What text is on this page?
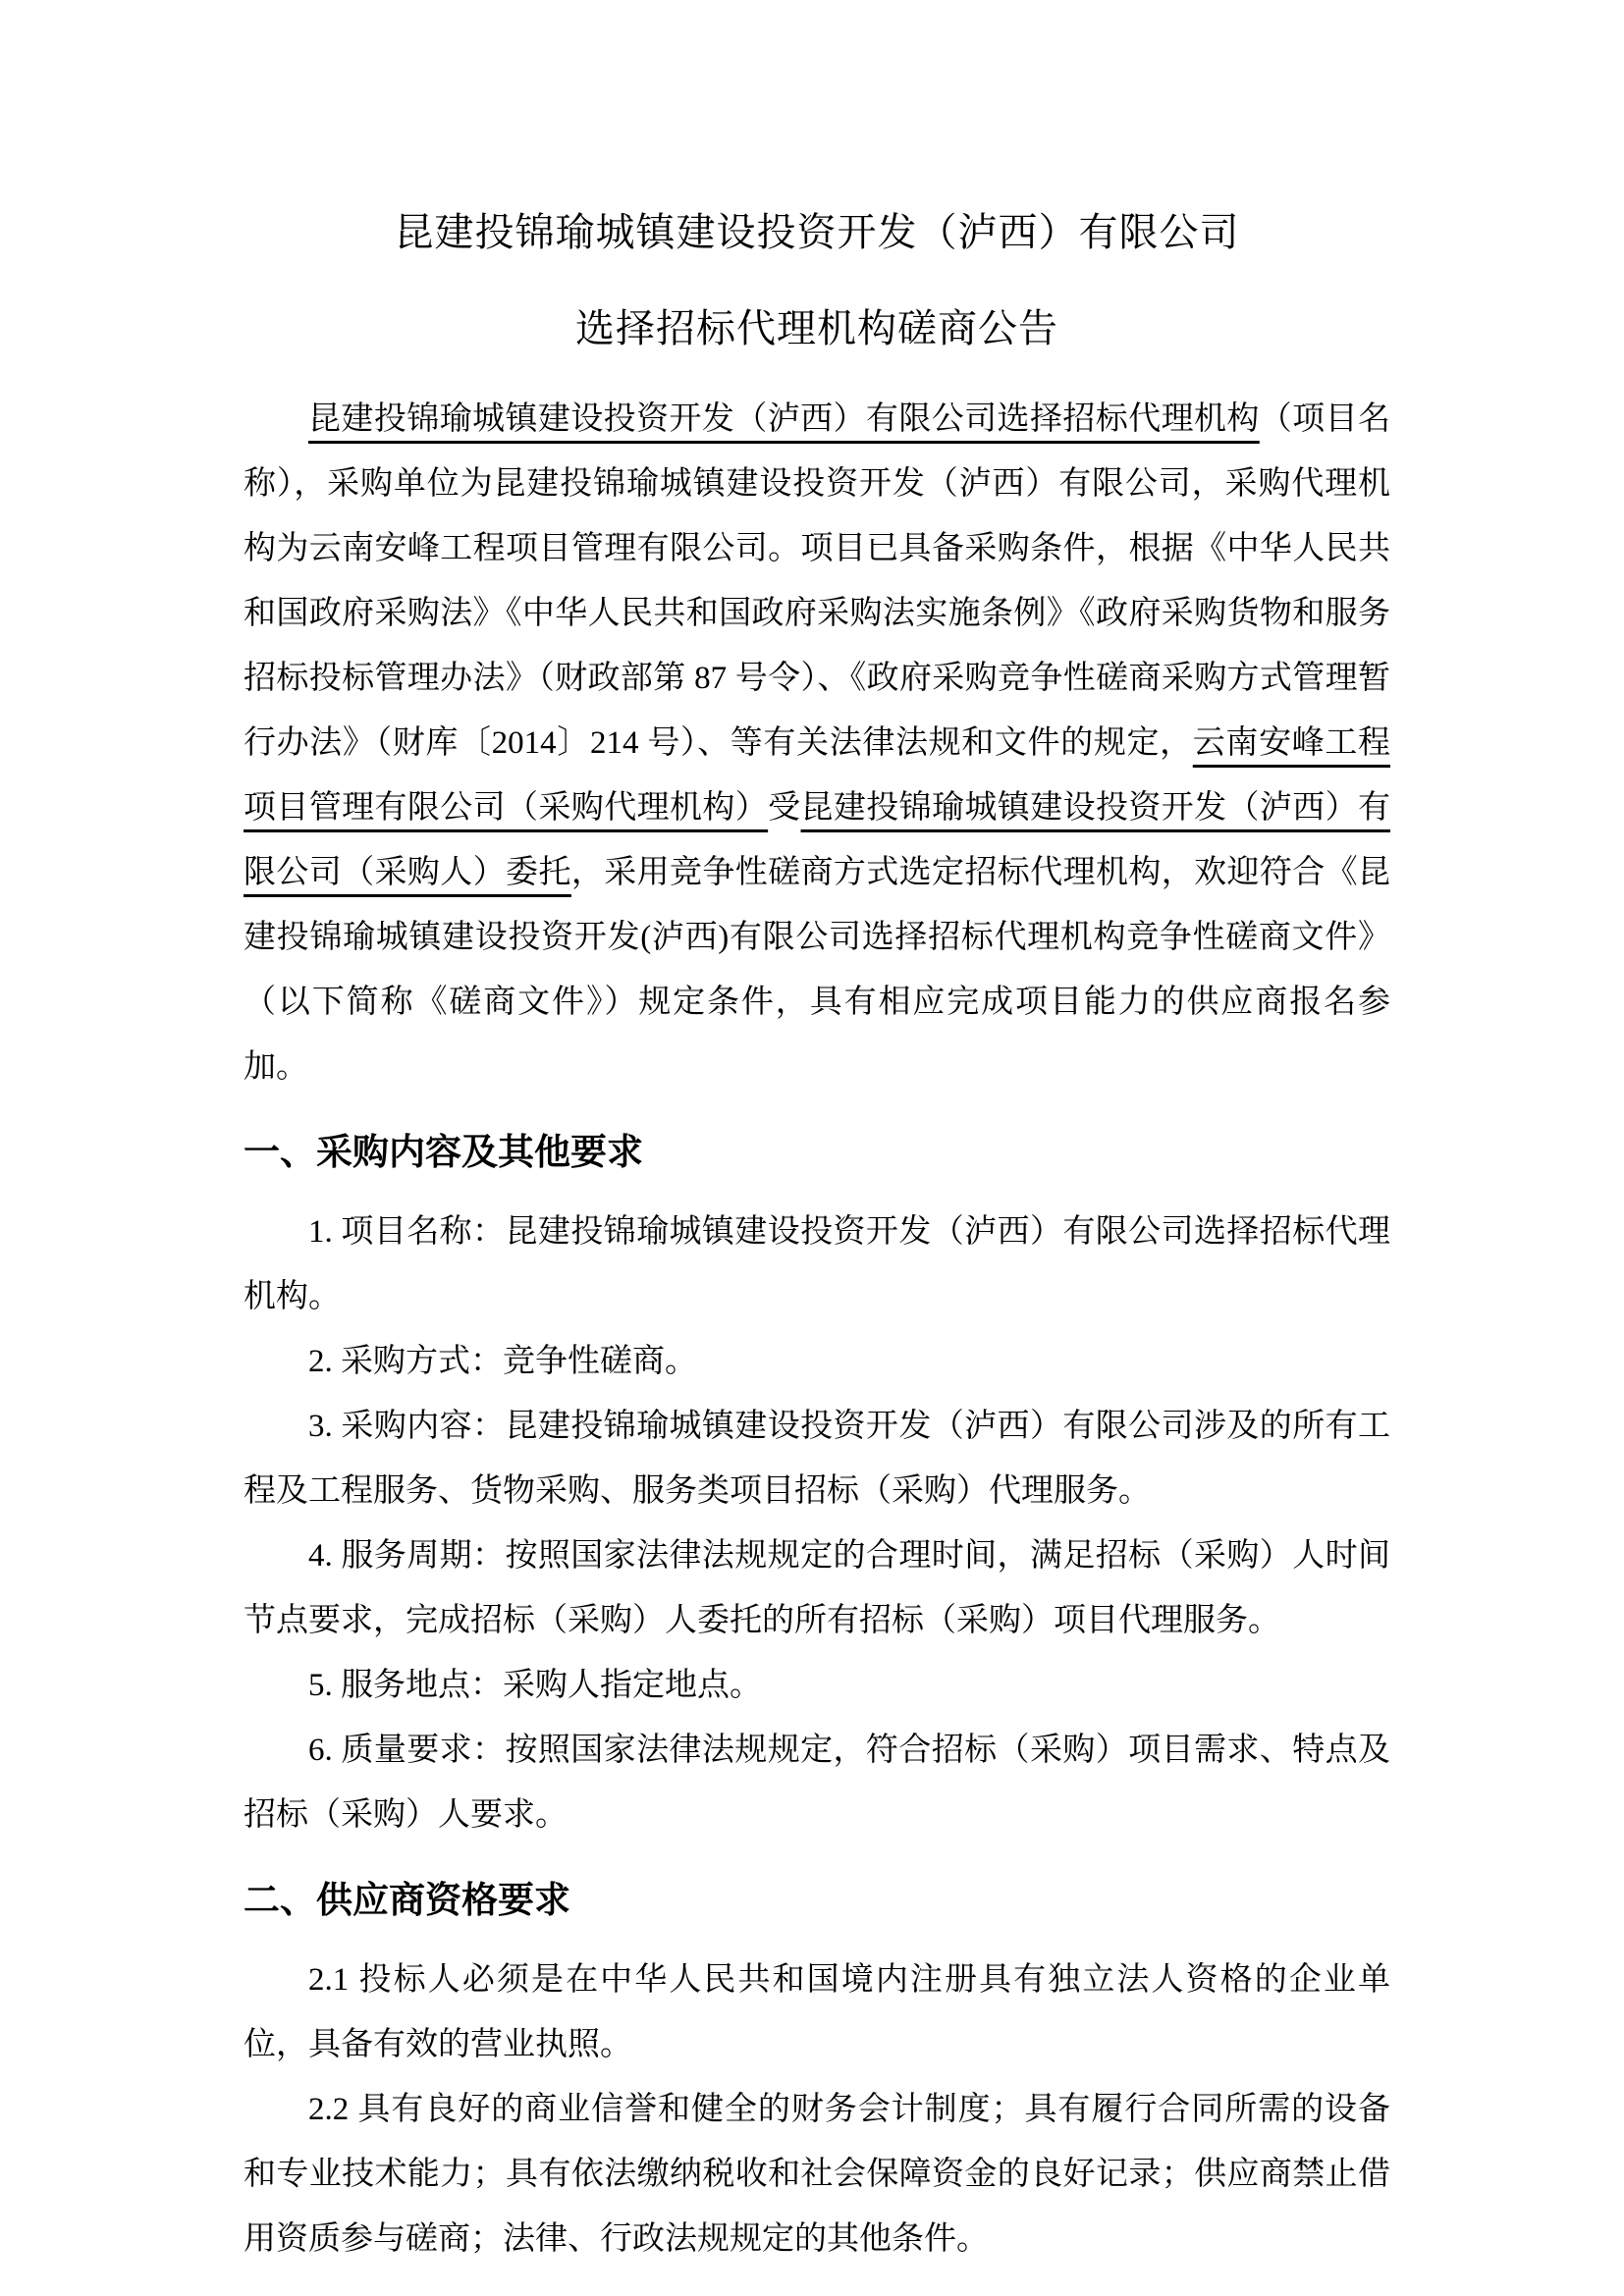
昆建投锦瑜城镇建设投资开发（泸西）有限公司
选择招标代理机构磋商公告

昆建投锦瑜城镇建设投资开发（泸西）有限公司选择招标代理机构（项目名称），采购单位为昆建投锦瑜城镇建设投资开发（泸西）有限公司，采购代理机构为云南安峰工程项目管理有限公司。项目已具备采购条件，根据《中华人民共和国政府采购法》《中华人民共和国政府采购法实施条例》《政府采购货物和服务招标投标管理办法》（财政部第 87 号令）、《政府采购竞争性磋商采购方式管理暂行办法》（财库〔2014〕214 号）、等有关法律法规和文件的规定，云南安峰工程项目管理有限公司（采购代理机构）受昆建投锦瑜城镇建设投资开发（泸西）有限公司（采购人）委托，采用竞争性磋商方式选定招标代理机构，欢迎符合《昆建投锦瑜城镇建设投资开发(泸西)有限公司选择招标代理机构竞争性磋商文件》（以下简称《磋商文件》）规定条件，具有相应完成项目能力的供应商报名参加。

一、采购内容及其他要求

1. 项目名称：昆建投锦瑜城镇建设投资开发（泸西）有限公司选择招标代理机构。

2. 采购方式：竞争性磋商。

3. 采购内容：昆建投锦瑜城镇建设投资开发（泸西）有限公司涉及的所有工程及工程服务、货物采购、服务类项目招标（采购）代理服务。

4. 服务周期：按照国家法律法规规定的合理时间，满足招标（采购）人时间节点要求，完成招标（采购）人委托的所有招标（采购）项目代理服务。

5. 服务地点：采购人指定地点。

6. 质量要求：按照国家法律法规规定，符合招标（采购）项目需求、特点及招标（采购）人要求。

二、供应商资格要求

2.1 投标人必须是在中华人民共和国境内注册具有独立法人资格的企业单位，具备有效的营业执照。

2.2 具有良好的商业信誉和健全的财务会计制度；具有履行合同所需的设备和专业技术能力；具有依法缴纳税收和社会保障资金的良好记录；供应商禁止借用资质参与磋商；法律、行政法规规定的其他条件。
